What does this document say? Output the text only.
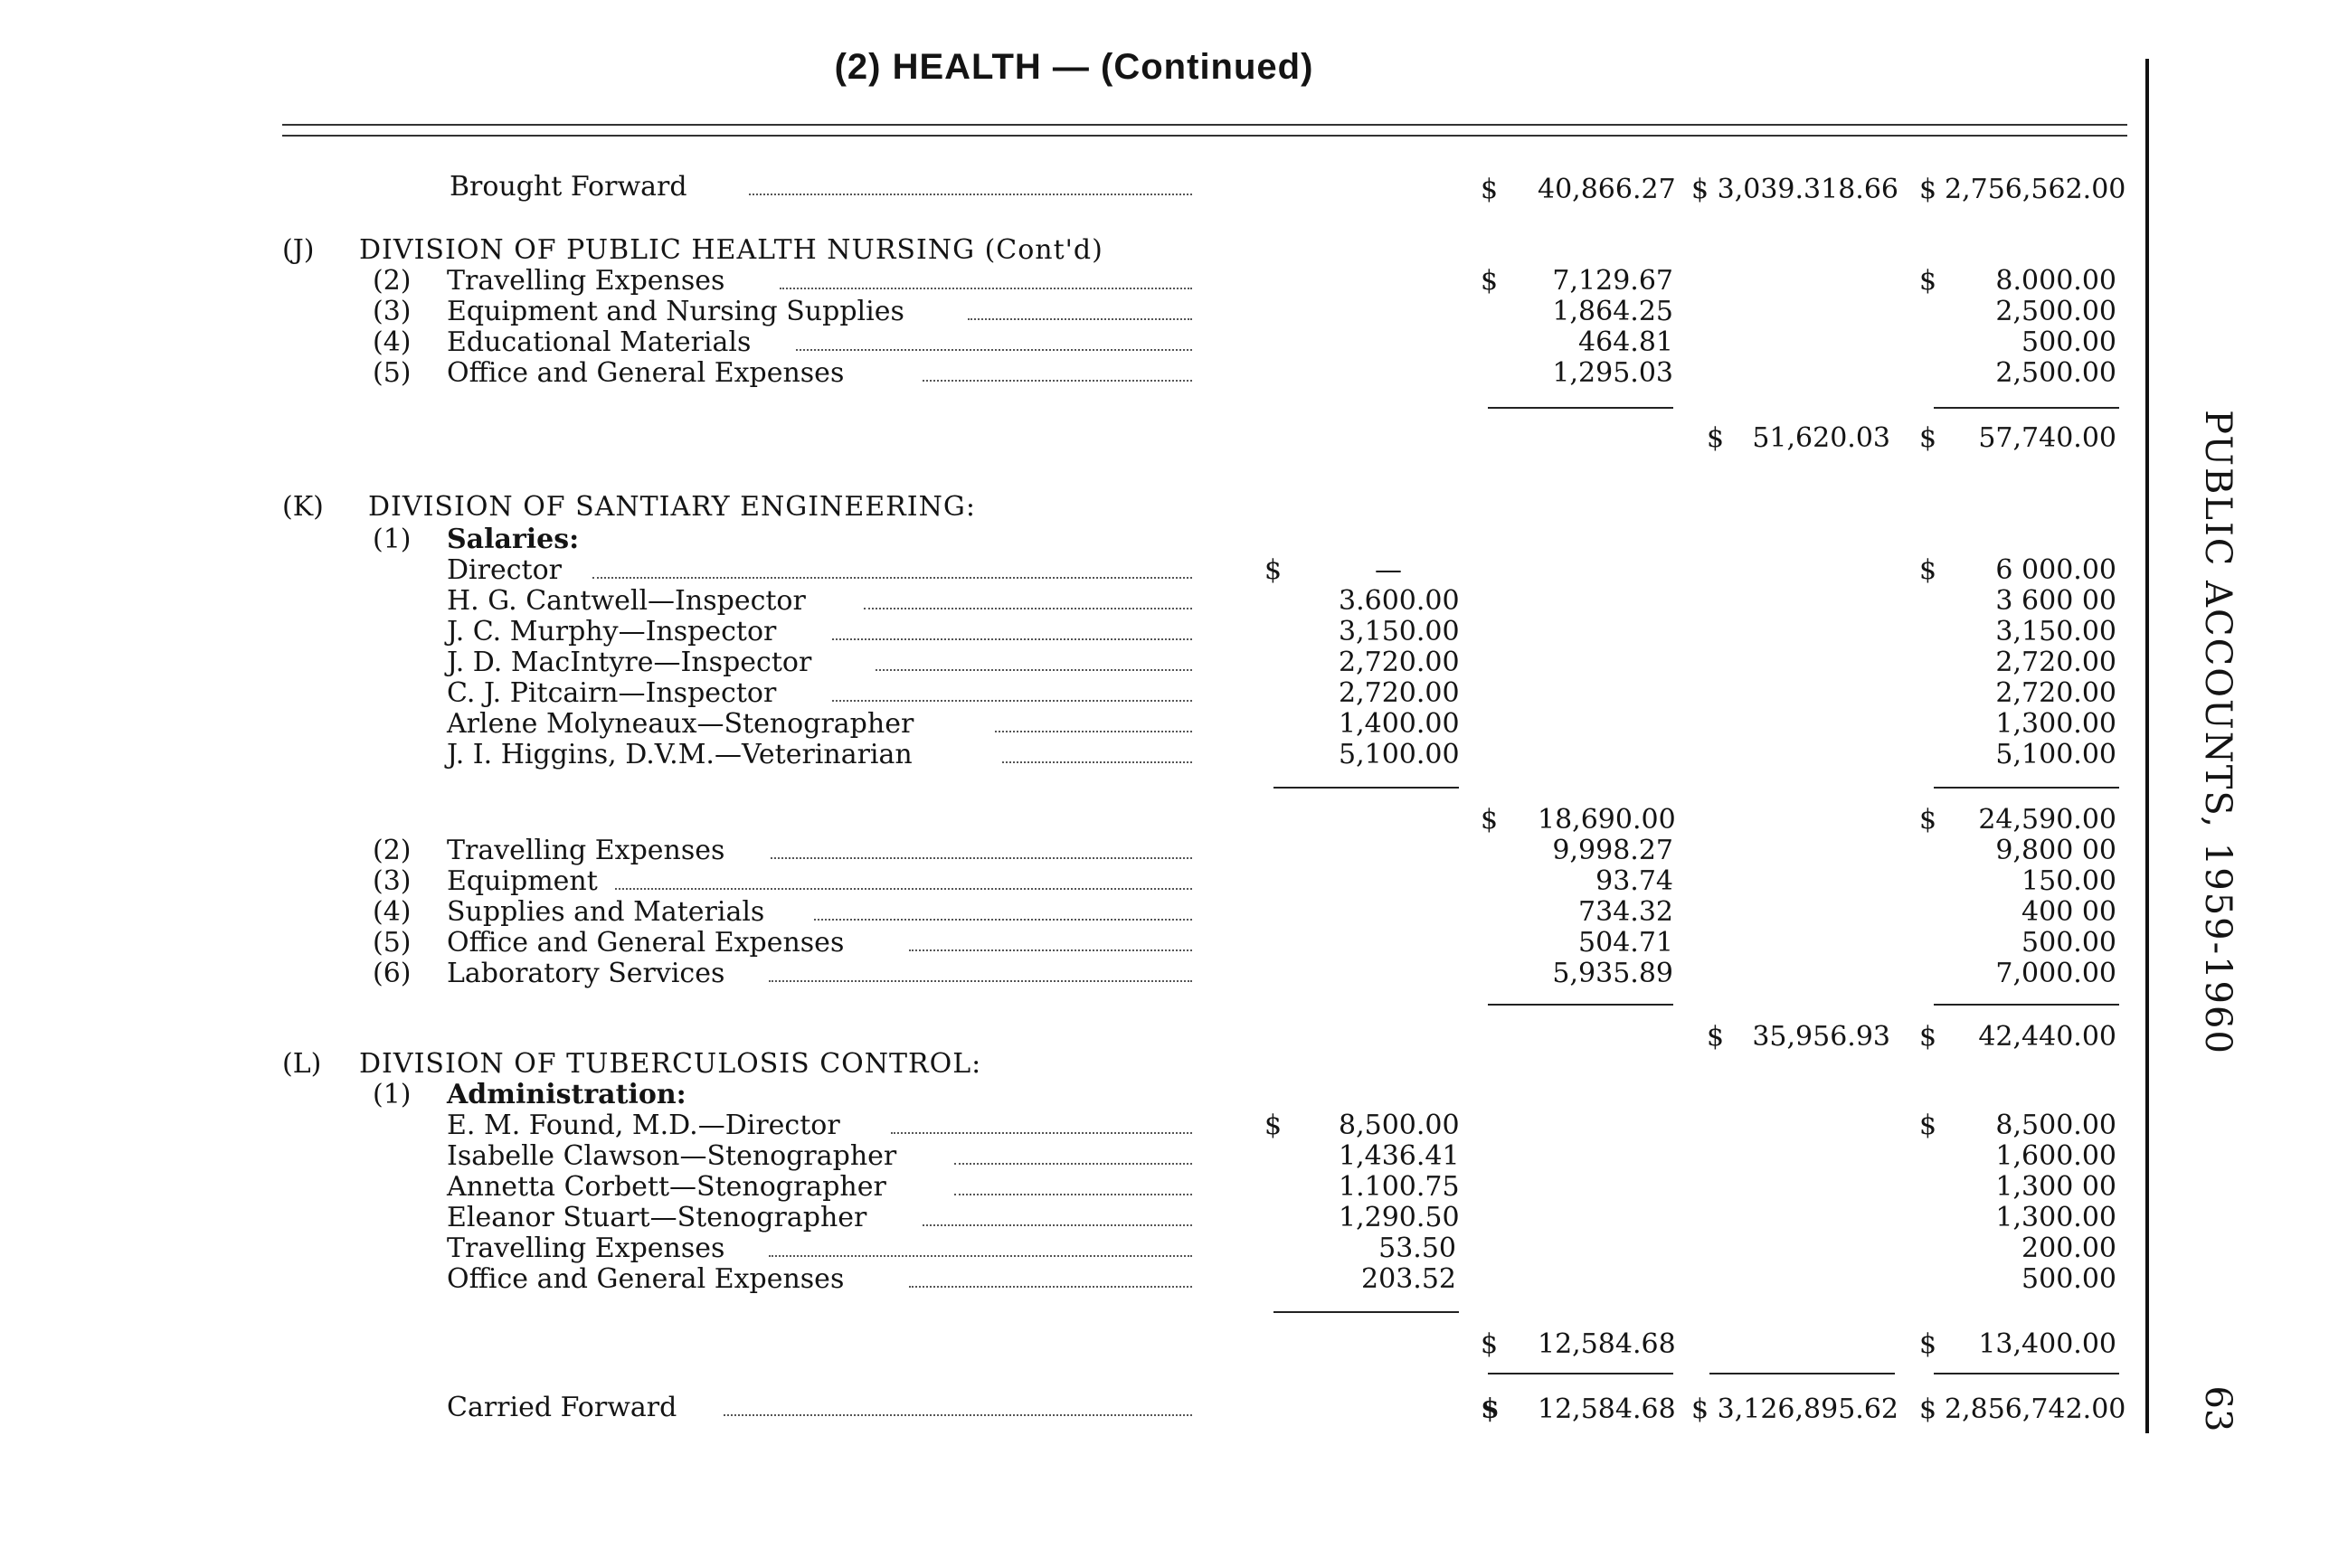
(2) HEALTH — (Continued)
Brought Forward	$ 40,866.27 $ 3,039.318.66 $ 2,756,562.00
(J) DIVISION OF PUBLIC HEALTH NURSING (Cont'd)
(2) Travelling Expenses	$	7,129.67	$	8.000.00
(3) Equipment and Nursing Supplies	1,864.25	2,500.00
(4) Educational Materials	464.81	500.00
(5) Office and General Expenses	1,295.03	2,500.00
$ 51,620.03 $	57,740.00
(K) DIVISION OF SANTIARY ENGINEERING:
(1) Salaries:
Director	$	—	$	6 000.00
H. G. Cantwell—Inspector	3.600.00	3 600 00
J. C. Murphy—Inspector	3,150.00	3,150.00
J. D. MacIntyre—Inspector	2,720.00	2,720.00
C. J. Pitcairn—Inspector	2,720.00	2,720.00
Arlene Molyneaux—Stenographer	1,400.00	1,300.00
J. I. Higgins, D.V.M.—Veterinarian	5,100.00	5,100.00
$ 18,690.00	$	24,590.00
(2) Travelling Expenses	9,998.27	9,800 00
(3) Equipment	93.74	150.00
(4) Supplies and Materials	734.32	400 00
(5) Office and General Expenses	504.71	500.00
(6) Laboratory Services	5,935.89	7,000.00
$ 35,956.93 $	42,440.00
(L) DIVISION OF TUBERCULOSIS CONTROL:
(1) Administration:
E. M. Found, M.D.—Director	$ 8,500.00	$	8,500.00
Isabelle Clawson—Stenographer	1,436.41	1,600.00
Annetta Corbett—Stenographer	1.100.75	1,300 00
Eleanor Stuart—Stenographer	1,290.50	1,300.00
Travelling Expenses	53.50	200.00
Office and General Expenses	203.52	500.00
$ 12,584.68	$	13,400.00
Carried Forward	$ 12,584.68 $ 3,126,895.62 $ 2,856,742.00
PUBLIC ACCOUNTS, 1959-1960
63
